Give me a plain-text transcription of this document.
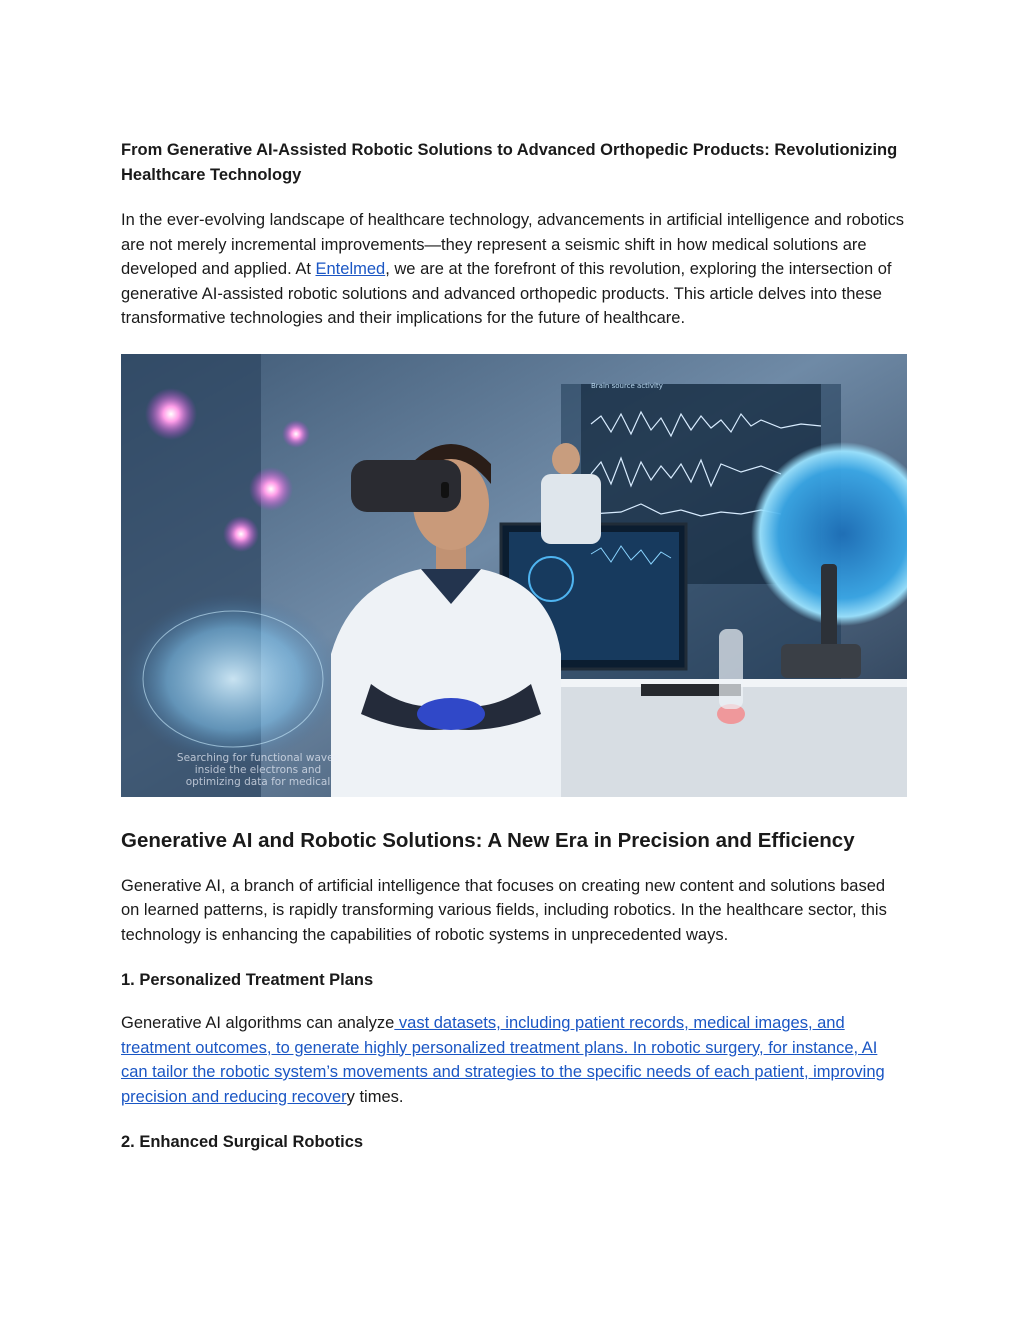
From Generative AI-Assisted Robotic Solutions to Advanced Orthopedic Products: Revolutionizing Healthcare Technology

In the ever-evolving landscape of healthcare technology, advancements in artificial intelligence and robotics are not merely incremental improvements—they represent a seismic shift in how medical solutions are developed and applied. At Entelmed, we are at the forefront of this revolution, exploring the intersection of generative AI-assisted robotic solutions and advanced orthopedic products. This article delves into these transformative technologies and their implications for the future of healthcare.

Brain source activity
Searching for functional waves inside the electrons and optimizing data for medical
Generative AI and Robotic Solutions: A New Era in Precision and Efficiency

Generative AI, a branch of artificial intelligence that focuses on creating new content and solutions based on learned patterns, is rapidly transforming various fields, including robotics. In the healthcare sector, this technology is enhancing the capabilities of robotic systems in unprecedented ways.

1. Personalized Treatment Plans

Generative AI algorithms can analyze vast datasets, including patient records, medical images, and treatment outcomes, to generate highly personalized treatment plans. In robotic surgery, for instance, AI can tailor the robotic system’s movements and strategies to the specific needs of each patient, improving precision and reducing recovery times.

2. Enhanced Surgical Robotics
